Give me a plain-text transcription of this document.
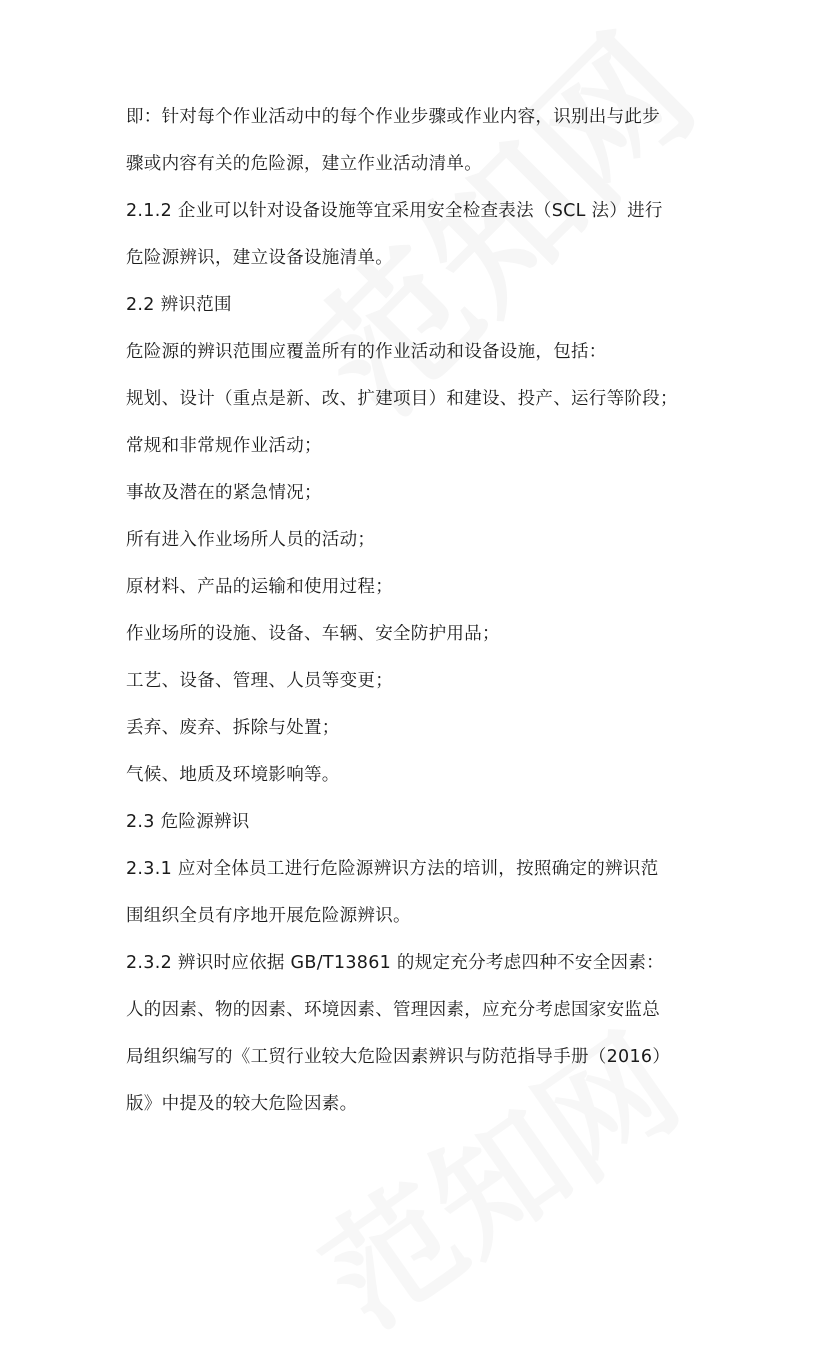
即：针对每个作业活动中的每个作业步骤或作业内容，识别出与此步
骤或内容有关的危险源，建立作业活动清单。
2.1.2 企业可以针对设备设施等宜采用安全检查表法（SCL 法）进行
危险源辨识，建立设备设施清单。
2.2 辨识范围
危险源的辨识范围应覆盖所有的作业活动和设备设施，包括：
规划、设计（重点是新、改、扩建项目）和建设、投产、运行等阶段；
常规和非常规作业活动；
事故及潜在的紧急情况；
所有进入作业场所人员的活动；
原材料、产品的运输和使用过程；
作业场所的设施、设备、车辆、安全防护用品；
工艺、设备、管理、人员等变更；
丢弃、废弃、拆除与处置；
气候、地质及环境影响等。
2.3 危险源辨识
2.3.1 应对全体员工进行危险源辨识方法的培训，按照确定的辨识范
围组织全员有序地开展危险源辨识。
2.3.2 辨识时应依据 GB/T13861 的规定充分考虑四种不安全因素：
人的因素、物的因素、环境因素、管理因素，应充分考虑国家安监总
局组织编写的《工贸行业较大危险因素辨识与防范指导手册（2016）
版》中提及的较大危险因素。
